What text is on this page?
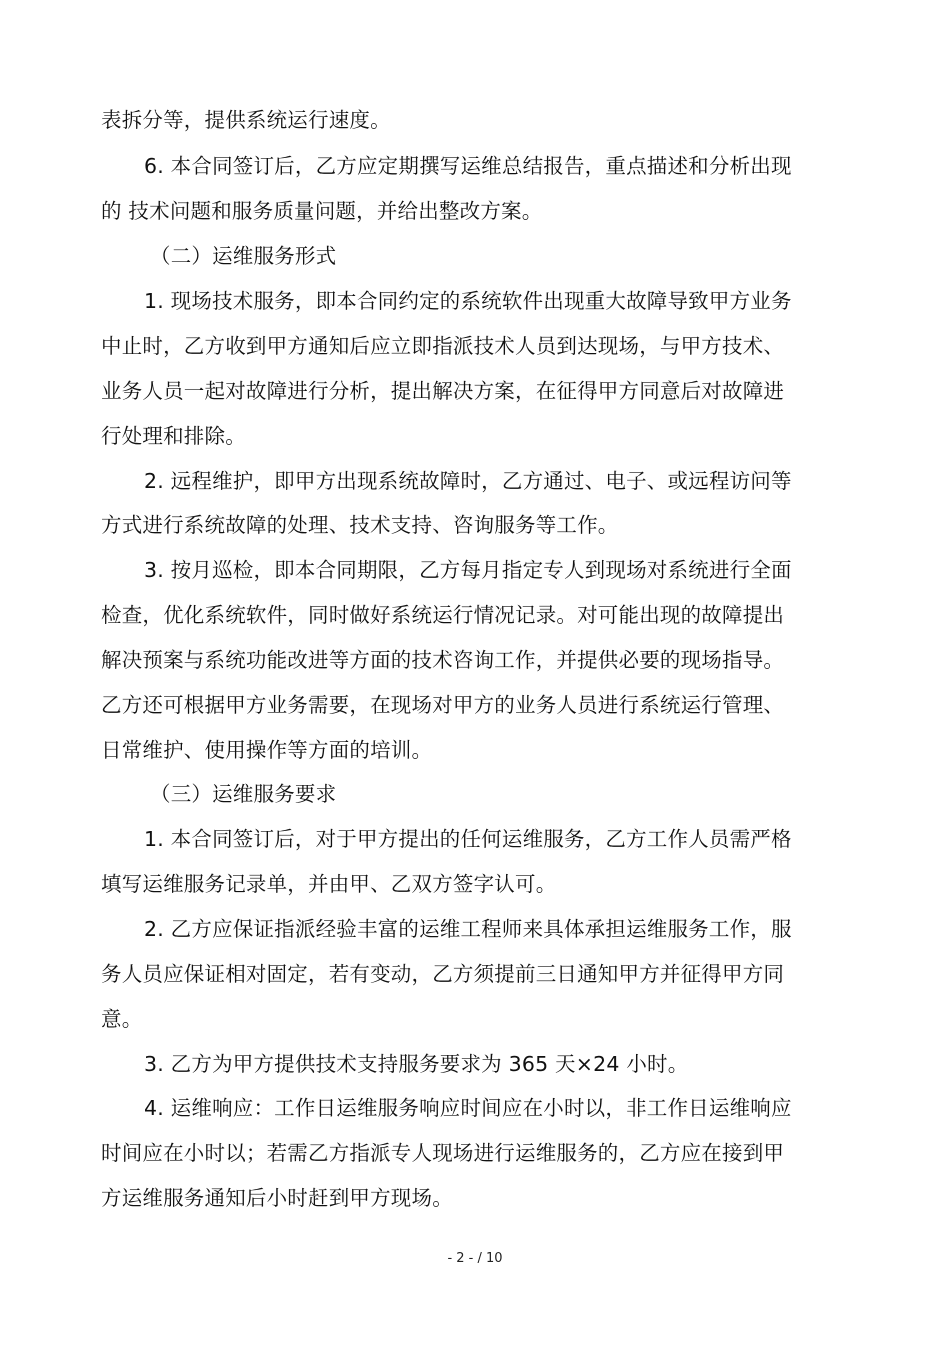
表拆分等，提供系统运行速度。
6. 本合同签订后，乙方应定期撰写运维总结报告，重点描述和分析出现
的 技术问题和服务质量问题，并给出整改方案。
（二）运维服务形式
1. 现场技术服务，即本合同约定的系统软件出现重大故障导致甲方业务
中止时，乙方收到甲方通知后应立即指派技术人员到达现场，与甲方技术、
业务人员一起对故障进行分析，提出解决方案，在征得甲方同意后对故障进
行处理和排除。
2. 远程维护，即甲方出现系统故障时，乙方通过、电子、或远程访问等
方式进行系统故障的处理、技术支持、咨询服务等工作。
3. 按月巡检，即本合同期限，乙方每月指定专人到现场对系统进行全面
检查，优化系统软件，同时做好系统运行情况记录。对可能出现的故障提出
解决预案与系统功能改进等方面的技术咨询工作，并提供必要的现场指导。
乙方还可根据甲方业务需要，在现场对甲方的业务人员进行系统运行管理、
日常维护、使用操作等方面的培训。
（三）运维服务要求
1. 本合同签订后，对于甲方提出的任何运维服务，乙方工作人员需严格
填写运维服务记录单，并由甲、乙双方签字认可。
2. 乙方应保证指派经验丰富的运维工程师来具体承担运维服务工作，服
务人员应保证相对固定，若有变动，乙方须提前三日通知甲方并征得甲方同
意。
3. 乙方为甲方提供技术支持服务要求为 365 天×24 小时。
4. 运维响应：工作日运维服务响应时间应在小时以，非工作日运维响应
时间应在小时以；若需乙方指派专人现场进行运维服务的，乙方应在接到甲
方运维服务通知后小时赶到甲方现场。
- 2 - / 10
